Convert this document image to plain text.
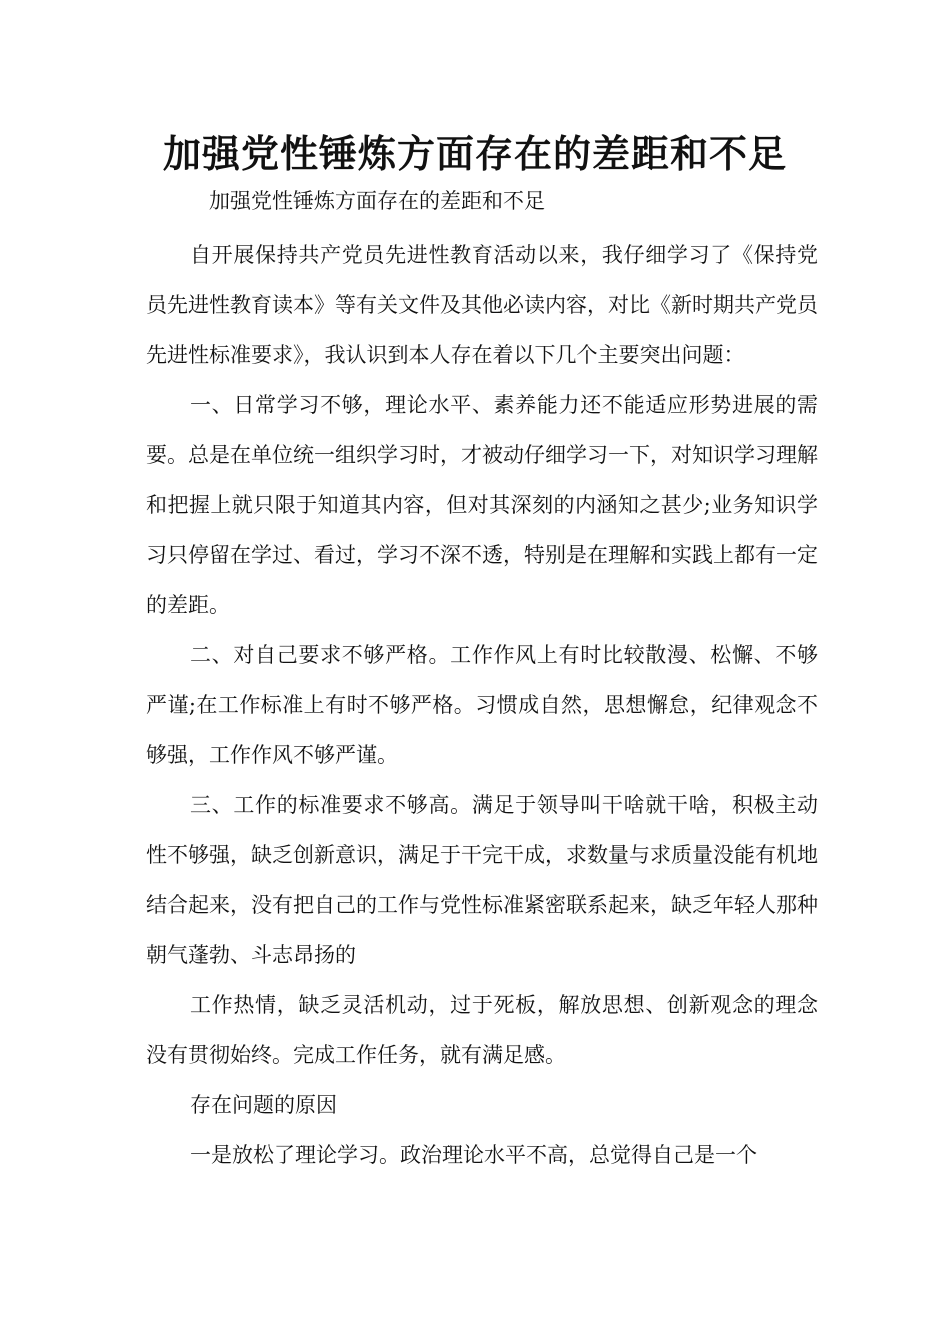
加强党性锤炼方面存在的差距和不足

加强党性锤炼方面存在的差距和不足

自开展保持共产党员先进性教育活动以来，我仔细学习了《保持党员先进性教育读本》等有关文件及其他必读内容，对比《新时期共产党员先进性标准要求》，我认识到本人存在着以下几个主要突出问题：

一、日常学习不够，理论水平、素养能力还不能适应形势进展的需要。总是在单位统一组织学习时，才被动仔细学习一下，对知识学习理解和把握上就只限于知道其内容，但对其深刻的内涵知之甚少;业务知识学习只停留在学过、看过，学习不深不透，特别是在理解和实践上都有一定的差距。

二、对自己要求不够严格。工作作风上有时比较散漫、松懈、不够严谨;在工作标准上有时不够严格。习惯成自然，思想懈怠，纪律观念不够强，工作作风不够严谨。

三、工作的标准要求不够高。满足于领导叫干啥就干啥，积极主动性不够强，缺乏创新意识，满足于干完干成，求数量与求质量没能有机地结合起来，没有把自己的工作与党性标准紧密联系起来，缺乏年轻人那种朝气蓬勃、斗志昂扬的

工作热情，缺乏灵活机动，过于死板，解放思想、创新观念的理念没有贯彻始终。完成工作任务，就有满足感。

存在问题的原因

一是放松了理论学习。政治理论水平不高，总觉得自己是一个
